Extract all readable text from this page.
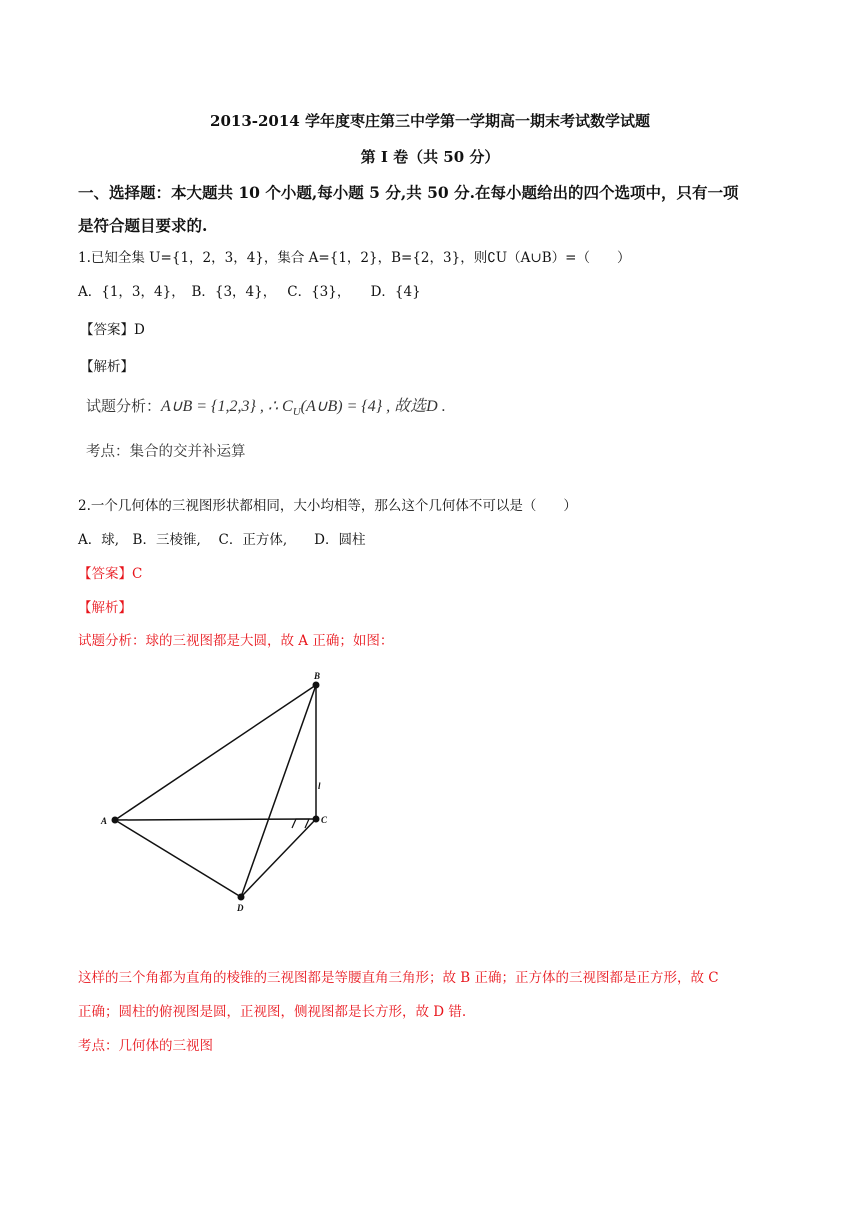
2013-2014 学年度枣庄第三中学第一学期高一期末考试数学试题
第 I 卷（共 50 分）
一、选择题：本大题共 10 个小题,每小题 5 分,共 50 分.在每小题给出的四个选项中，只有一项
是符合题目要求的.
1.已知全集 U={1，2，3，4}，集合 A={1，2}，B={2，3}，则∁U（A∪B）=（　　）
A．{1，3，4}，　B．{3，4}，　 C．{3}，　　D．{4}
【答案】D
【解析】
试题分析：A∪B = {1,2,3} , ∴ $C_U(A\cup B) = \{4\}$ , 故选D .
考点：集合的交并补运算
2.一个几何体的三视图形状都相同，大小均相等，那么这个几何体不可以是（　　）
A．球,　B．三棱锥,　 C．正方体,　　D．圆柱
【答案】C
【解析】
试题分析：球的三视图都是大圆，故 A 正确；如图：
A
B
C
D
l
这样的三个角都为直角的棱锥的三视图都是等腰直角三角形；故 B 正确；正方体的三视图都是正方形，故 C
正确；圆柱的俯视图是圆，正视图，侧视图都是长方形，故 D 错.
考点：几何体的三视图
